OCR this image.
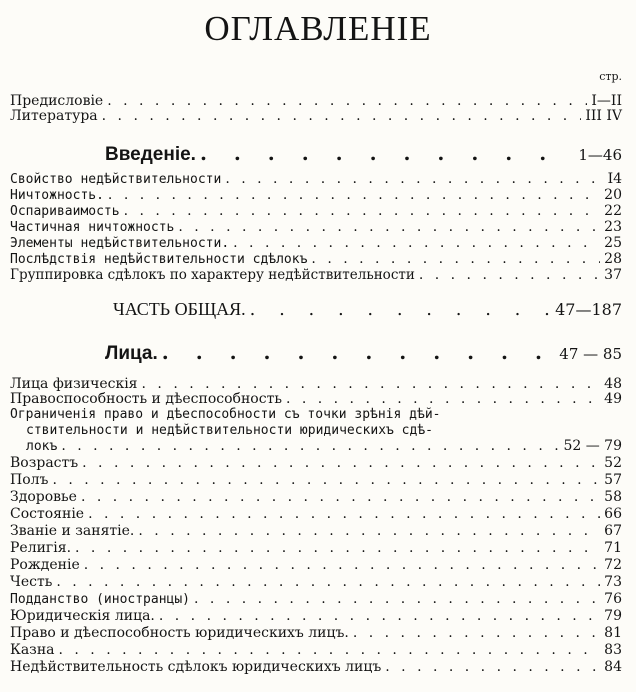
ОГЛАВЛЕНІЕ
стр.
Предисловіе . . .	I—II
Литература . . .	III IV
Введеніе. . . .	1—46
Свойство недѣйствительности . . .	I4
Ничтожность. . . .	20
Оспариваимость . . .	22
Частичная ничтожность . . .	23
Элементы недѣйствительности. . . .	25
Послѣдствія недѣйствительности сдѣлокъ . . .	28
Группировка сдѣлокъ по характеру недѣйствительности . . .	37
ЧАСТЬ ОБЩАЯ. . . .	47—187
Лица. . . .	47 — 85
Лица физическія . . .	48
Правоспособность и дѣеспособность . . .	49
Ограниченія право и дѣеспособности съ точки зрѣнія дѣй-
ствительности и недѣйствительности юридическихъ сдѣ-
локъ . . .	52 — 79
Возрастъ . . .	52
Полъ . . .	57
Здоровье . . .	58
Состояніе . . .	66
Званіе и занятіе. . . .	67
Религія. . . .	71
Рожденіе . . .	72
Честь . . .	73
Подданство (иностранцы) . . .	76
Юридическія лица. . . .	79
Право и дѣеспособность юридическихъ лицъ. . . .	81
Казна . . .	83
Недѣйствительность сдѣлокъ юридическихъ лицъ . . .	84
